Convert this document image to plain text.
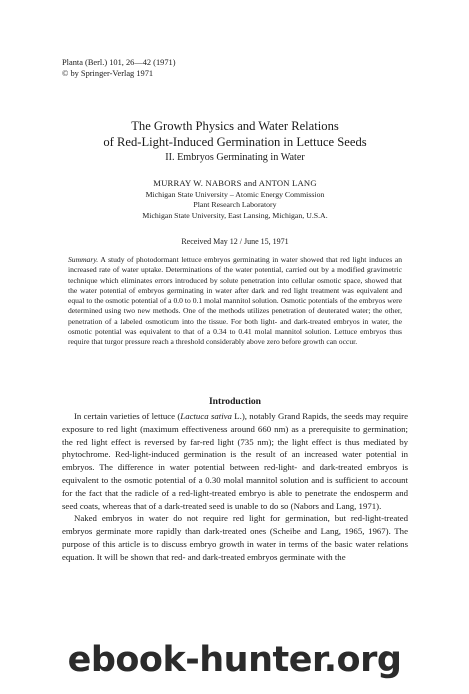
Planta (Berl.) 101, 26—42 (1971)
© by Springer-Verlag 1971
The Growth Physics and Water Relations
of Red-Light-Induced Germination in Lettuce Seeds
II. Embryos Germinating in Water
MURRAY W. NABORS and ANTON LANG
Michigan State University – Atomic Energy Commission
Plant Research Laboratory
Michigan State University, East Lansing, Michigan, U.S.A.
Received May 12 / June 15, 1971
Summary. A study of photodormant lettuce embryos germinating in water showed that red light induces an increased rate of water uptake. Determinations of the water potential, carried out by a modified gravimetric technique which eliminates errors introduced by solute penetration into cellular osmotic space, showed that the water potential of embryos germinating in water after dark and red light treatment was equivalent and equal to the osmotic potential of a 0.0 to 0.1 molal mannitol solution. Osmotic potentials of the embryos were determined using two new methods. One of the methods utilizes penetration of deuterated water; the other, penetration of a labeled osmoticum into the tissue. For both light- and dark-treated embryos in water, the osmotic potential was equivalent to that of a 0.34 to 0.41 molal mannitol solution. Lettuce embryos thus require that turgor pressure reach a threshold considerably above zero before growth can occur.
Introduction

In certain varieties of lettuce (Lactuca sativa L.), notably Grand Rapids, the seeds may require exposure to red light (maximum effectiveness around 660 nm) as a prerequisite to germination; the red light effect is reversed by far-red light (735 nm); the light effect is thus mediated by phytochrome. Red-light-induced germination is the result of an increased water potential in embryos. The difference in water potential between red-light- and dark-treated embryos is equivalent to the osmotic potential of a 0.30 molal mannitol solution and is sufficient to account for the fact that the radicle of a red-light-treated embryo is able to penetrate the endosperm and seed coats, whereas that of a dark-treated seed is unable to do so (Nabors and Lang, 1971).

Naked embryos in water do not require red light for germination, but red-light-treated embryos germinate more rapidly than dark-treated ones (Scheibe and Lang, 1965, 1967). The purpose of this article is to discuss embryo growth in water in terms of the basic water relations equation. It will be shown that red- and dark-treated embryos germinate with the

ebook-hunter.org
